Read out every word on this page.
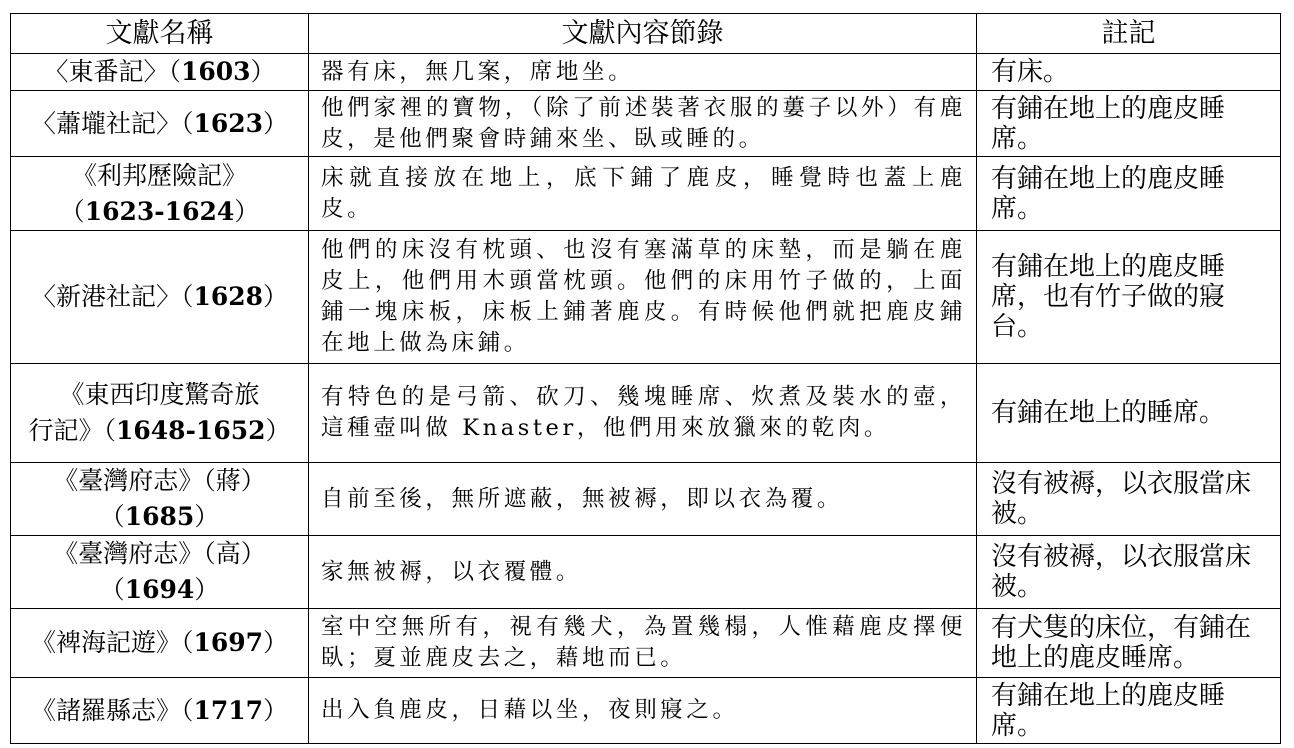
文獻名稱	文獻內容節錄	註記

〈東番記〉（1603）	器有床，無几案，席地坐。	有床。

〈蕭壠社記〉（1623）	他們家裡的寶物，（除了前述裝著衣服的蔞子以外）有鹿皮，是他們聚會時鋪來坐、臥或睡的。	有鋪在地上的鹿皮睡席。

《利邦歷險記》
（1623-1624）	床就直接放在地上，底下鋪了鹿皮，睡覺時也蓋上鹿皮。	有鋪在地上的鹿皮睡席。

〈新港社記〉（1628）	他們的床沒有枕頭、也沒有塞滿草的床墊，而是躺在鹿皮上，他們用木頭當枕頭。他們的床用竹子做的，上面鋪一塊床板，床板上鋪著鹿皮。有時候他們就把鹿皮鋪在地上做為床鋪。	有鋪在地上的鹿皮睡席，也有竹子做的寢台。

《東西印度驚奇旅
行記》（1648-1652）	有特色的是弓箭、砍刀、幾塊睡席、炊煮及裝水的壺， 這種壺叫做 Knaster，他們用來放獵來的乾肉。	有鋪在地上的睡席。

《臺灣府志》（蔣）
（1685）	自前至後，無所遮蔽，無被褥，即以衣為覆。	沒有被褥，以衣服當床被。

《臺灣府志》（高）
（1694）	家無被褥，以衣覆體。	沒有被褥，以衣服當床被。

《裨海記遊》（1697）	室中空無所有，視有幾犬，為置幾榻，人惟藉鹿皮擇便臥；夏並鹿皮去之，藉地而已。	有犬隻的床位，有鋪在地上的鹿皮睡席。

《諸羅縣志》（1717）	出入負鹿皮，日藉以坐，夜則寢之。	有鋪在地上的鹿皮睡席。
